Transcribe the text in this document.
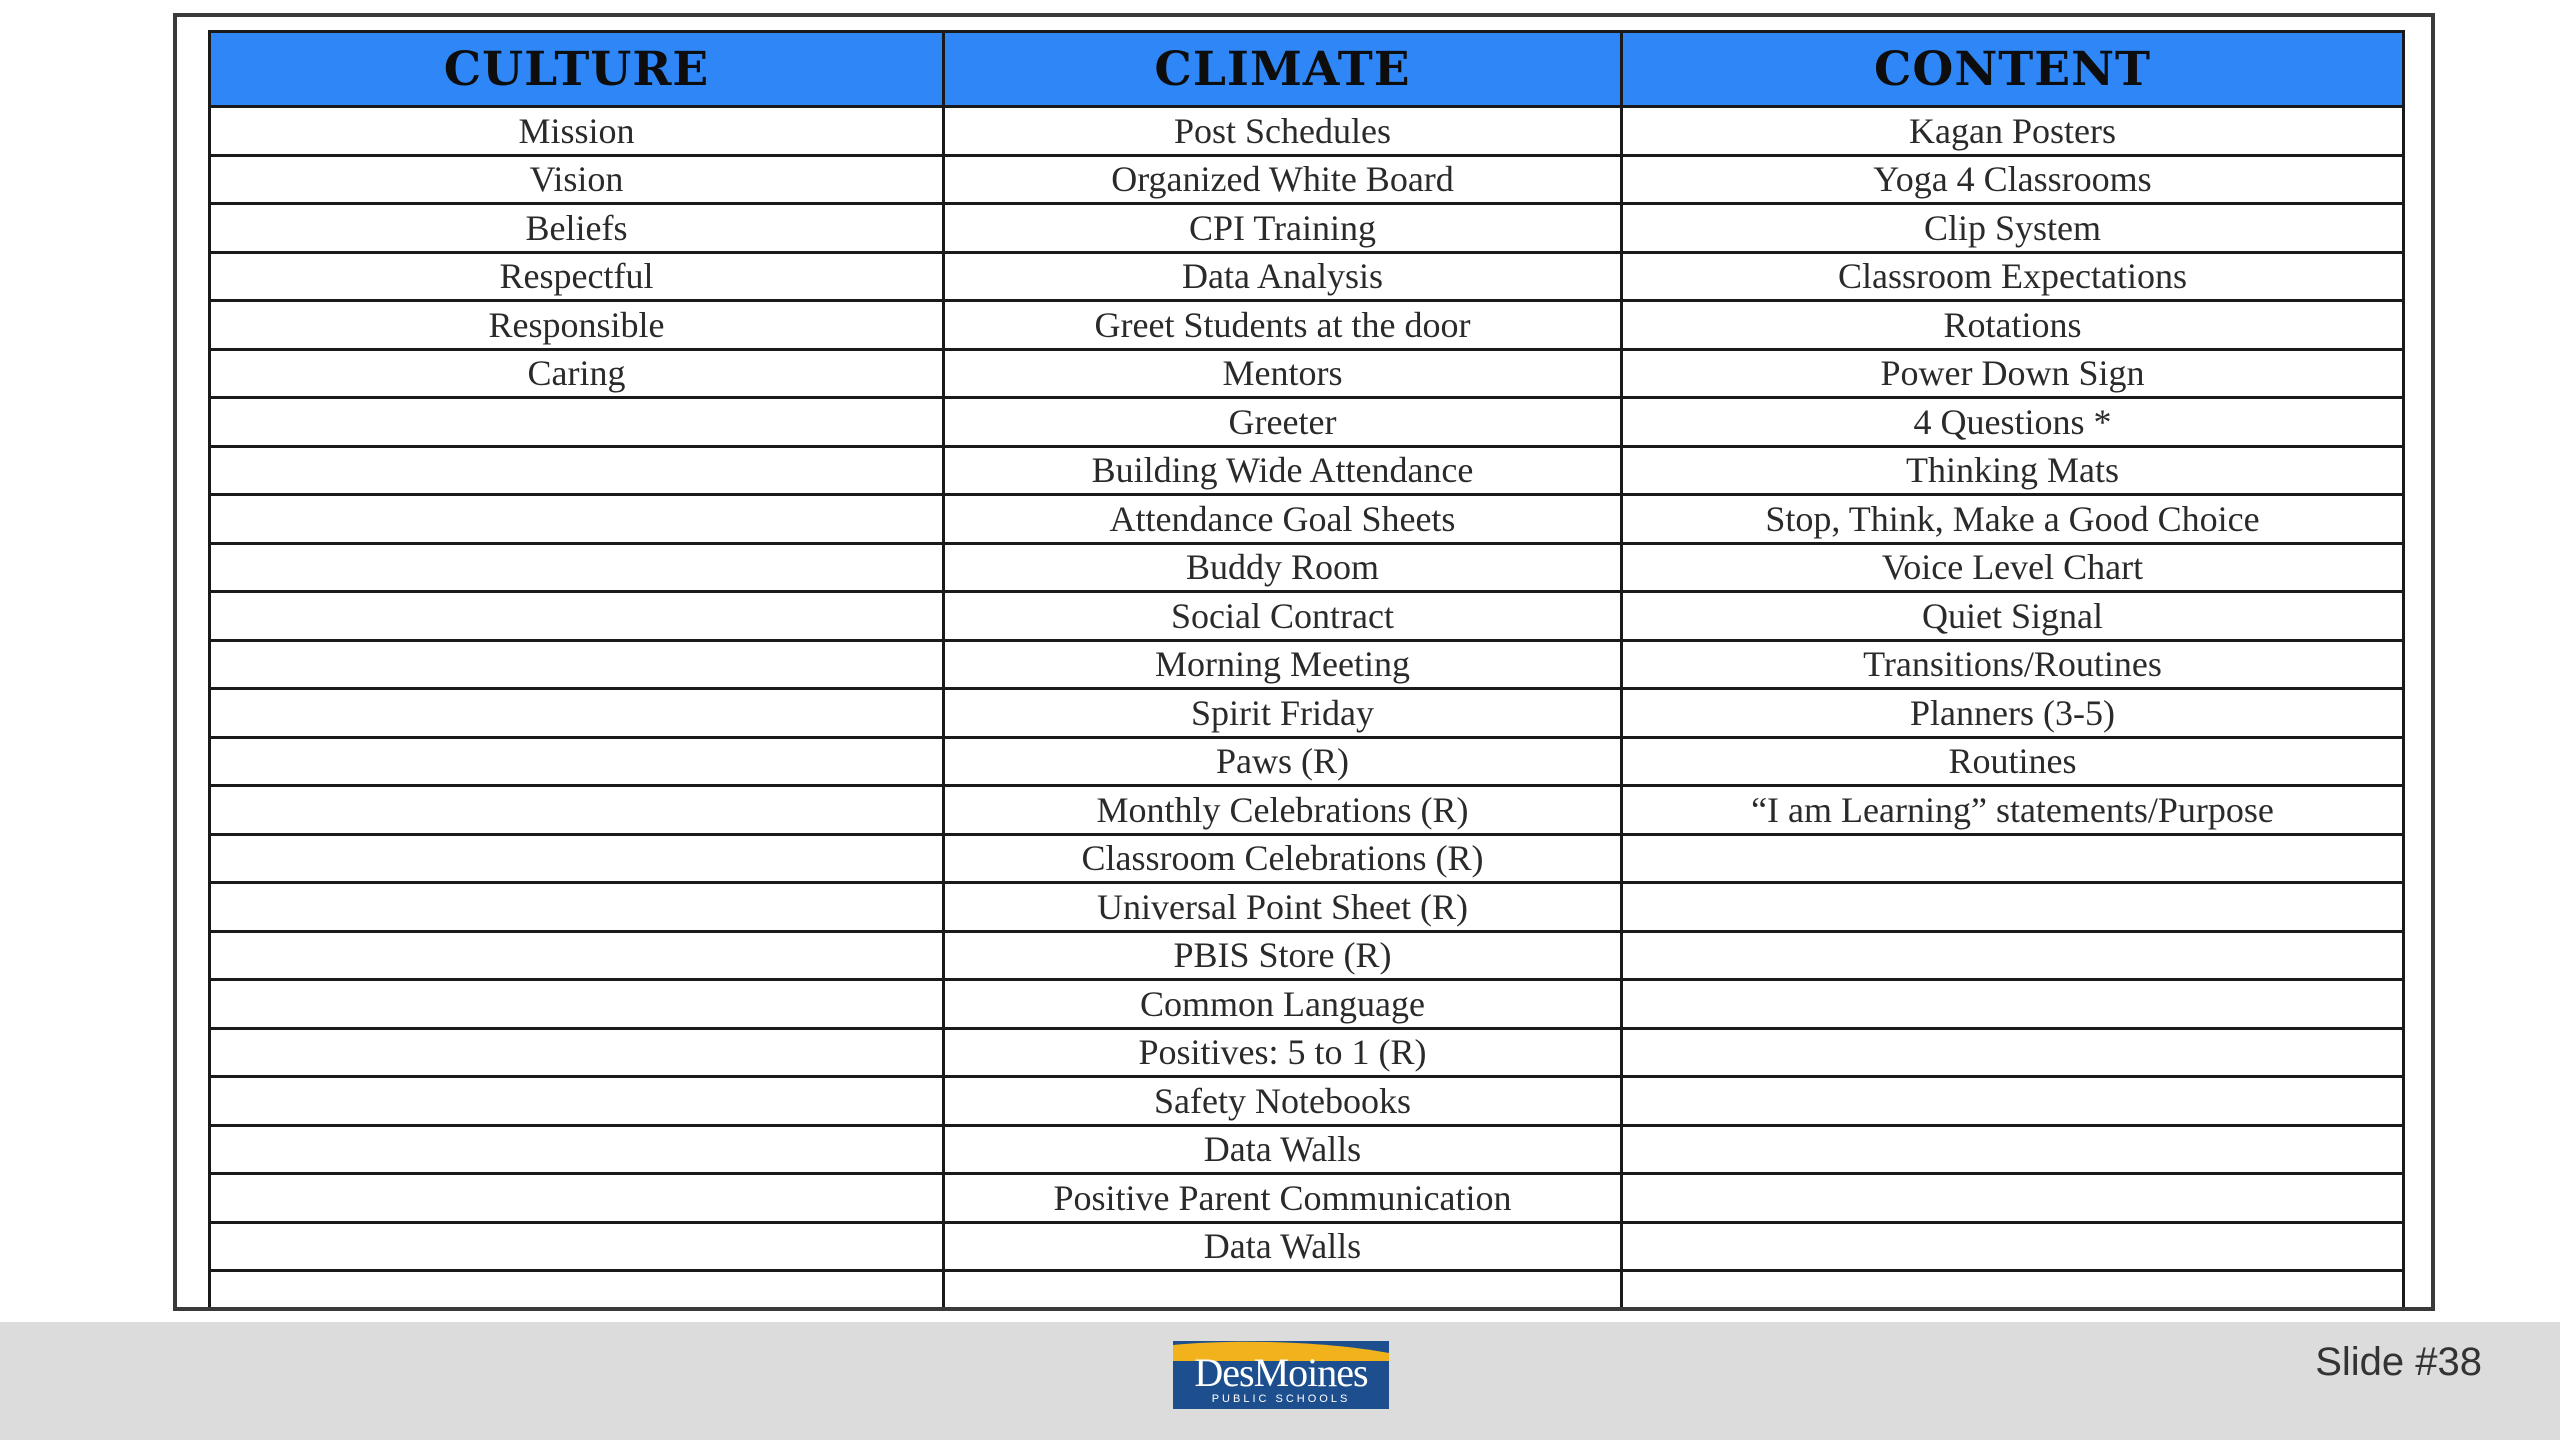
CULTURE	CLIMATE	CONTENT
Mission	Post Schedules	Kagan Posters
Vision	Organized White Board	Yoga 4 Classrooms
Beliefs	CPI Training	Clip System
Respectful	Data Analysis	Classroom Expectations
Responsible	Greet Students at the door	Rotations
Caring	Mentors	Power Down Sign
	Greeter	4 Questions *
	Building Wide Attendance	Thinking Mats
	Attendance Goal Sheets	Stop, Think, Make a Good Choice
	Buddy Room	Voice Level Chart
	Social Contract	Quiet Signal
	Morning Meeting	Transitions/Routines
	Spirit Friday	Planners (3-5)
	Paws (R)	Routines
	Monthly Celebrations (R)	“I am Learning” statements/Purpose
	Classroom Celebrations (R)	
	Universal Point Sheet (R)	
	PBIS Store (R)	
	Common Language	
	Positives: 5 to 1 (R)	
	Safety Notebooks	
	Data Walls	
	Positive Parent Communication	
	Data Walls	

DesMoines
PUBLIC SCHOOLS
Slide #38
